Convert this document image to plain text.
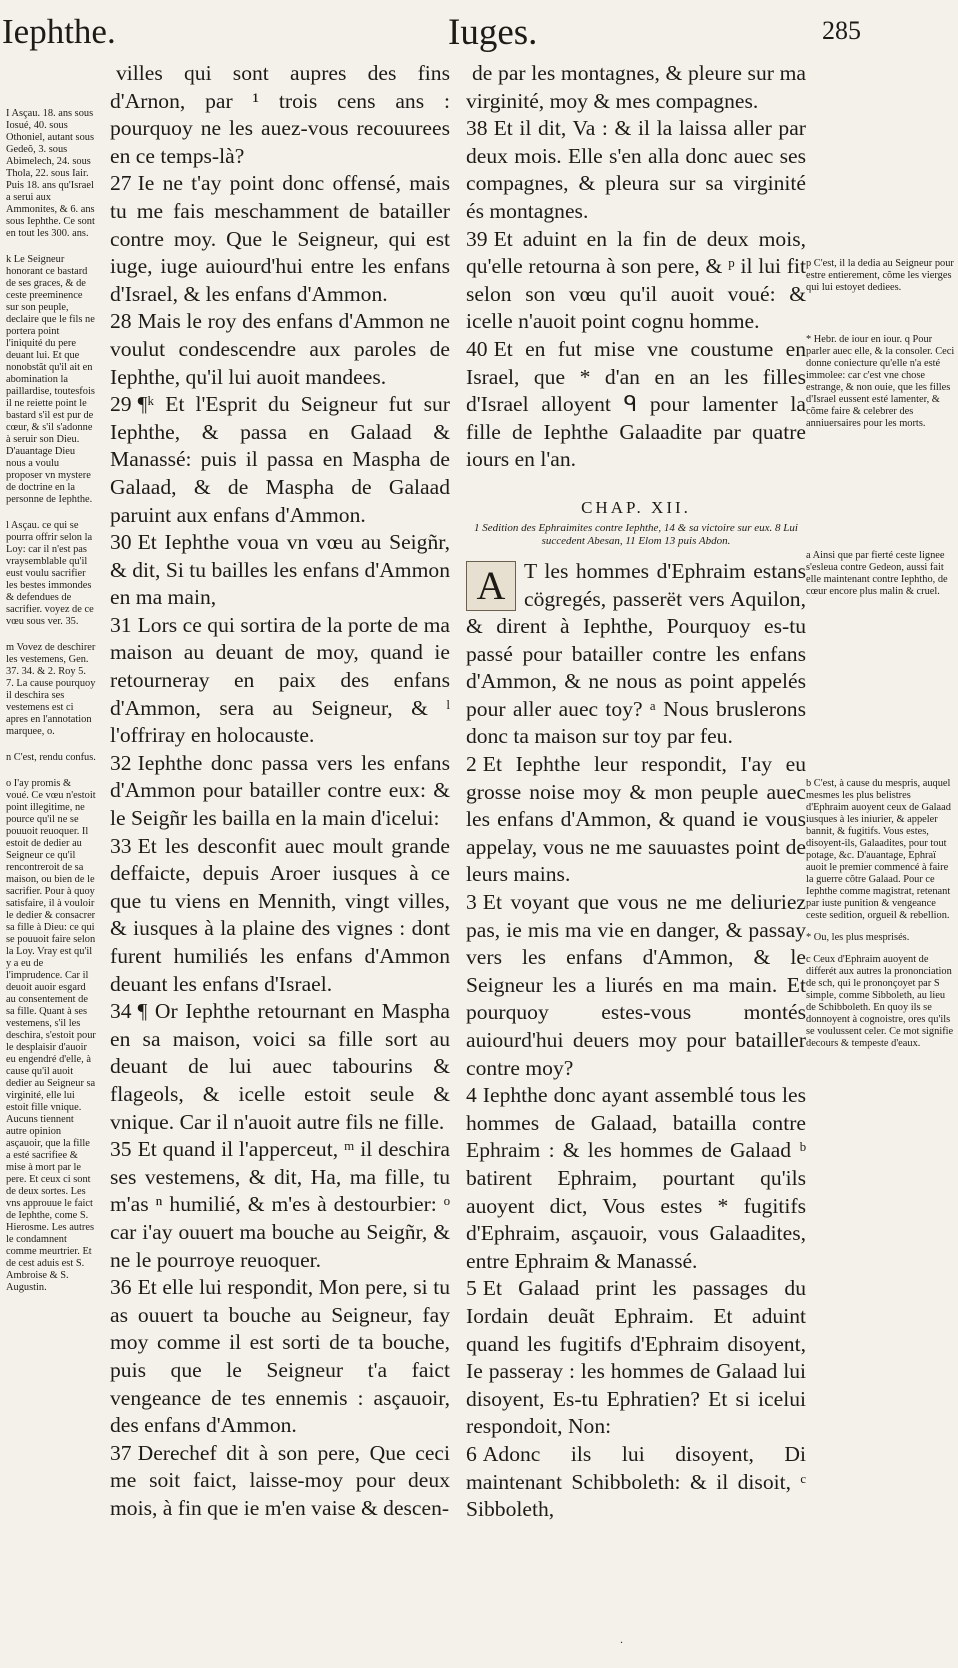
Iephthe.	Iuges.	285

I Asçau. 18. ans sous Iosué, 40. sous Othoniel, autant sous Gedeõ, 3. sous Abimelech, 24. sous Thola, 22. sous Iair. Puis 18. ans qu'Israel a serui aux Ammonites, & 6. ans sous Iephthe. Ce sont en tout les 300. ans.

k Le Seigneur honorant ce bastard de ses graces, & de ceste preeminence sur son peuple, declaire que le fils ne portera point l'iniquité du pere deuant lui. Et que nonobstãt qu'il ait en abomination la paillardise, toutesfois il ne reiette point le bastard s'il est pur de cœur, & s'il s'adonne à seruir son Dieu. D'auantage Dieu nous a voulu proposer vn mystere de doctrine en la personne de Iephthe.

l Asçau. ce qui se pourra offrir selon la Loy: car il n'est pas vraysemblable qu'il eust voulu sacrifier les bestes immondes & defendues de sacrifier. voyez de ce vœu sous ver. 35.

m Vovez de deschirer les vestemens, Gen. 37. 34. & 2. Roy 5. 7. La cause pourquoy il deschira ses vestemens est ci apres en l'annotation marquee, o.

n C'est, rendu confus.

o I'ay promis & voué. Ce vœu n'estoit point illegitime, ne pource qu'il ne se pouuoit reuoquer. Il estoit de dedier au Seigneur ce qu'il rencontreroit de sa maison, ou bien de le sacrifier. Pour à quoy satisfaire, il à vouloir le dedier & consacrer sa fille à Dieu: ce qui se pouuoit faire selon la Loy. Vray est qu'il y a eu de l'imprudence. Car il deuoit auoir esgard au consentement de sa fille. Quant à ses vestemens, s'il les deschira, s'estoit pour le desplaisir d'auoir eu engendré d'elle, à cause qu'il auoit dedier au Seigneur sa virginité, elle lui estoit fille vnique. Aucuns tiennent autre opinion asçauoir, que la fille a esté sacrifiee & mise à mort par le pere. Et ceux ci sont de deux sortes. Les vns approuue le faict de Iephthe, come S. Hierosme. Les autres le condamnent comme meurtrier. Et de cest aduis est S. Ambroise & S. Augustin.

villes qui sont aupres des fins d'Arnon, par ¹ trois cens ans : pourquoy ne les auez-vous recouurees en ce temps-là?

27 Ie ne t'ay point donc offensé, mais tu me fais meschamment de batailler contre moy. Que le Seigneur, qui est iuge, iuge auiourd'hui entre les enfans d'Israel, & les enfans d'Ammon.

28 Mais le roy des enfans d'Ammon ne voulut condescendre aux paroles de Iephthe, qu'il lui auoit mandees.

29 ¶ᵏ Et l'Esprit du Seigneur fut sur Iephthe, & passa en Galaad & Manassé: puis il passa en Maspha de Galaad, & de Maspha de Galaad paruint aux enfans d'Ammon.

30 Et Iephthe voua vn vœu au Seigñr, & dit, Si tu bailles les enfans d'Ammon en ma main,

31 Lors ce qui sortira de la porte de ma maison au deuant de moy, quand ie retourneray en paix des enfans d'Ammon, sera au Seigneur, & ˡ l'offriray en holocauste.

32 Iephthe donc passa vers les enfans d'Ammon pour batailler contre eux: & le Seigñr les bailla en la main d'icelui:

33 Et les desconfit auec moult grande deffaicte, depuis Aroer iusques à ce que tu viens en Mennith, vingt villes, & iusques à la plaine des vignes : dont furent humiliés les enfans d'Ammon deuant les enfans d'Israel.

34 ¶ Or Iephthe retournant en Maspha en sa maison, voici sa fille sort au deuant de lui auec tabourins & flageols, & icelle estoit seule & vnique. Car il n'auoit autre fils ne fille.

35 Et quand il l'apperceut, ᵐ il deschira ses vestemens, & dit, Ha, ma fille, tu m'as ⁿ humilié, & m'es à destourbier: ᵒ car i'ay ouuert ma bouche au Seigñr, & ne le pourroye reuoquer.

36 Et elle lui respondit, Mon pere, si tu as ouuert ta bouche au Seigneur, fay moy comme il est sorti de ta bouche, puis que le Seigneur t'a faict vengeance de tes ennemis : asçauoir, des enfans d'Ammon.

37 Derechef dit à son pere, Que ceci me soit faict, laisse-moy pour deux mois, à fin que ie m'en vaise & descen-

de par les montagnes, & pleure sur ma virginité, moy & mes compagnes.

38 Et il dit, Va : & il la laissa aller par deux mois. Elle s'en alla donc auec ses compagnes, & pleura sur sa virginité és montagnes.

39 Et aduint en la fin de deux mois, qu'elle retourna à son pere, & ᵖ il lui fit selon son vœu qu'il auoit voué: & icelle n'auoit point cognu homme.

40 Et en fut mise vne coustume en Israel, que * d'an en an les filles d'Israel alloyent ᑫ pour lamenter la fille de Iephthe Galaadite par quatre iours en l'an.

CHAP. XII.
1 Sedition des Ephraimites contre Iephthe, 14 & sa victoire sur eux. 8 Lui succedent Abesan, 11 Elom 13 puis Abdon.

A T les hommes d'Ephraim estans cögregés, passerët vers Aquilon, & dirent à Iephthe, Pourquoy es-tu passé pour batailler contre les enfans d'Ammon, & ne nous as point appelés pour aller auec toy? ᵃ Nous bruslerons donc ta maison sur toy par feu.

2 Et Iephthe leur respondit, I'ay eu grosse noise moy & mon peuple auec les enfans d'Ammon, & quand ie vous appelay, vous ne me sauuastes point de leurs mains.

3 Et voyant que vous ne me deliuriez pas, ie mis ma vie en danger, & passay vers les enfans d'Ammon, & le Seigneur les a liurés en ma main. Et pourquoy estes-vous montés auiourd'hui deuers moy pour batailler contre moy?

4 Iephthe donc ayant assemblé tous les hommes de Galaad, batailla contre Ephraim : & les hommes de Galaad ᵇ batirent Ephraim, pourtant qu'ils auoyent dict, Vous estes * fugitifs d'Ephraim, asçauoir, vous Galaadites, entre Ephraim & Manassé.

5 Et Galaad print les passages du Iordain deuãt Ephraim. Et aduint quand les fugitifs d'Ephraim disoyent, Ie passeray : les hommes de Galaad lui disoyent, Es-tu Ephratien? Et si icelui respondoit, Non:

6 Adonc ils lui disoyent, Di maintenant Schibboleth: & il disoit, ᶜ Sibboleth,

p C'est, il la dedia au Seigneur pour estre entierement, cõme les vierges qui lui estoyet dediees.

* Hebr. de iour en iour. q Pour parler auec elle, & la consoler. Ceci donne coniecture qu'elle n'a esté immolee: car c'est vne chose estrange, & non ouie, que les filles d'Israel eussent esté lamenter, & cõme faire & celebrer des anniuersaires pour les morts.

a Ainsi que par fierté ceste lignee s'esleua contre Gedeon, aussi fait elle maintenant contre Iephtho, de cœur encore plus malin & cruel.

b C'est, à cause du mespris, auquel mesmes les plus belistres d'Ephraim auoyent ceux de Galaad iusques à les iniurier, & appeler bannit, & fugitifs. Vous estes, disoyent-ils, Galaadites, pour tout potage, &c. D'auantage, Ephraï auoit le premier commencé à faire la guerre cõtre Galaad. Pour ce Iephthe comme magistrat, retenant par iuste punition & vengeance ceste sedition, orgueil & rebellion.

* Ou, les plus mesprisés.

c Ceux d'Ephraim auoyent de differét aux autres la prononciation de sch, qui le prononçoyet par S simple, comme Sibboleth, au lieu de Schibboleth. En quoy ils se donnoyent à cognoistre, ores qu'ils se voulussent celer. Ce mot signifie decours & tempeste d'eaux.

.
